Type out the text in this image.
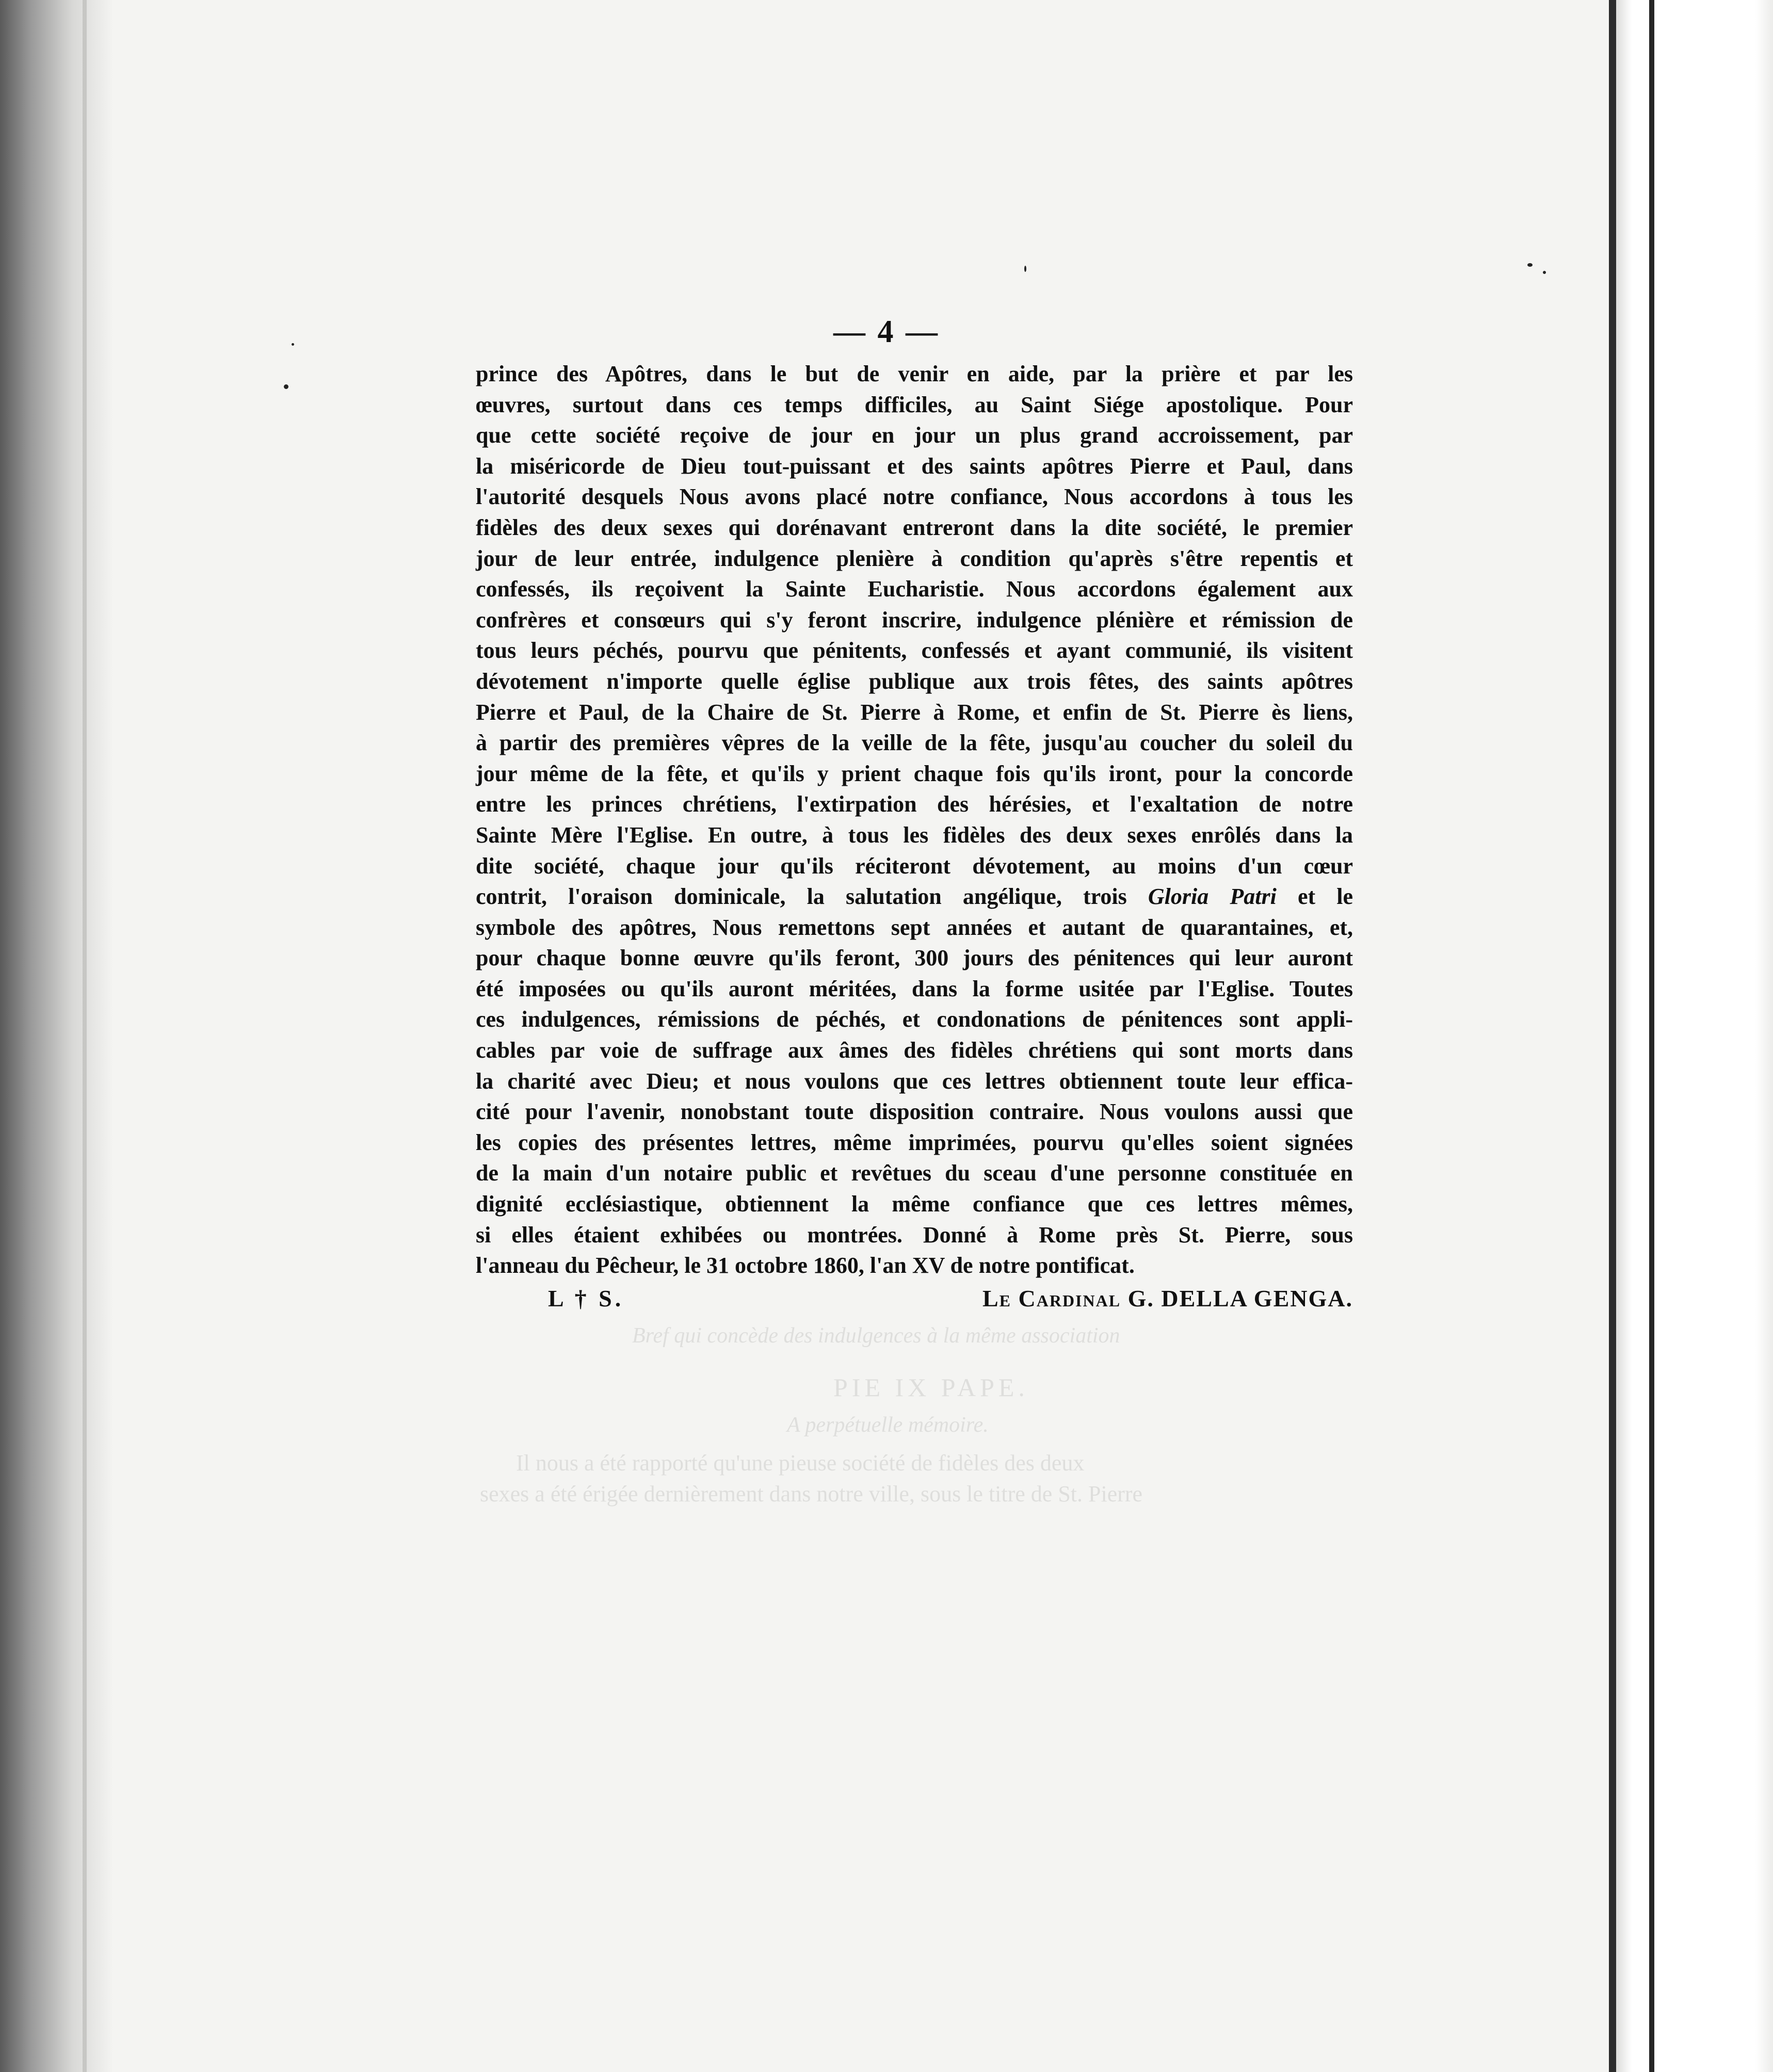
Bref qui concède des indulgences à la même association
PIE IX PAPE.
A perpétuelle mémoire.
Il nous a été rapporté qu'une pieuse société de fidèles des deux
sexes a été érigée dernièrement dans notre ville, sous le titre de St. Pierre
— 4 —
prince des Apôtres, dans le but de venir en aide, par la prière et par les
œuvres, surtout dans ces temps difficiles, au Saint Siége apostolique. Pour
que cette société reçoive de jour en jour un plus grand accroissement, par
la miséricorde de Dieu tout-puissant et des saints apôtres Pierre et Paul, dans
l'autorité desquels Nous avons placé notre confiance, Nous accordons à tous les
fidèles des deux sexes qui dorénavant entreront dans la dite société, le premier
jour de leur entrée, indulgence plenière à condition qu'après s'être repentis et
confessés, ils reçoivent la Sainte Eucharistie. Nous accordons également aux
confrères et consœurs qui s'y feront inscrire, indulgence plénière et rémission de
tous leurs péchés, pourvu que pénitents, confessés et ayant communié, ils visitent
dévotement n'importe quelle église publique aux trois fêtes, des saints apôtres
Pierre et Paul, de la Chaire de St. Pierre à Rome, et enfin de St. Pierre ès liens,
à partir des premières vêpres de la veille de la fête, jusqu'au coucher du soleil du
jour même de la fête, et qu'ils y prient chaque fois qu'ils iront, pour la concorde
entre les princes chrétiens, l'extirpation des hérésies, et l'exaltation de notre
Sainte Mère l'Eglise. En outre, à tous les fidèles des deux sexes enrôlés dans la
dite société, chaque jour qu'ils réciteront dévotement, au moins d'un cœur
contrit, l'oraison dominicale, la salutation angélique, trois Gloria Patri et le
symbole des apôtres, Nous remettons sept années et autant de quarantaines, et,
pour chaque bonne œuvre qu'ils feront, 300 jours des pénitences qui leur auront
été imposées ou qu'ils auront méritées, dans la forme usitée par l'Eglise. Toutes
ces indulgences, rémissions de péchés, et condonations de pénitences sont appli-
cables par voie de suffrage aux âmes des fidèles chrétiens qui sont morts dans
la charité avec Dieu; et nous voulons que ces lettres obtiennent toute leur effica-
cité pour l'avenir, nonobstant toute disposition contraire. Nous voulons aussi que
les copies des présentes lettres, même imprimées, pourvu qu'elles soient signées
de la main d'un notaire public et revêtues du sceau d'une personne constituée en
dignité ecclésiastique, obtiennent la même confiance que ces lettres mêmes,
si elles étaient exhibées ou montrées. Donné à Rome près St. Pierre, sous
l'anneau du Pêcheur, le 31 octobre 1860, l'an XV de notre pontificat.
L † S.	Le Cardinal G. DELLA GENGA.
